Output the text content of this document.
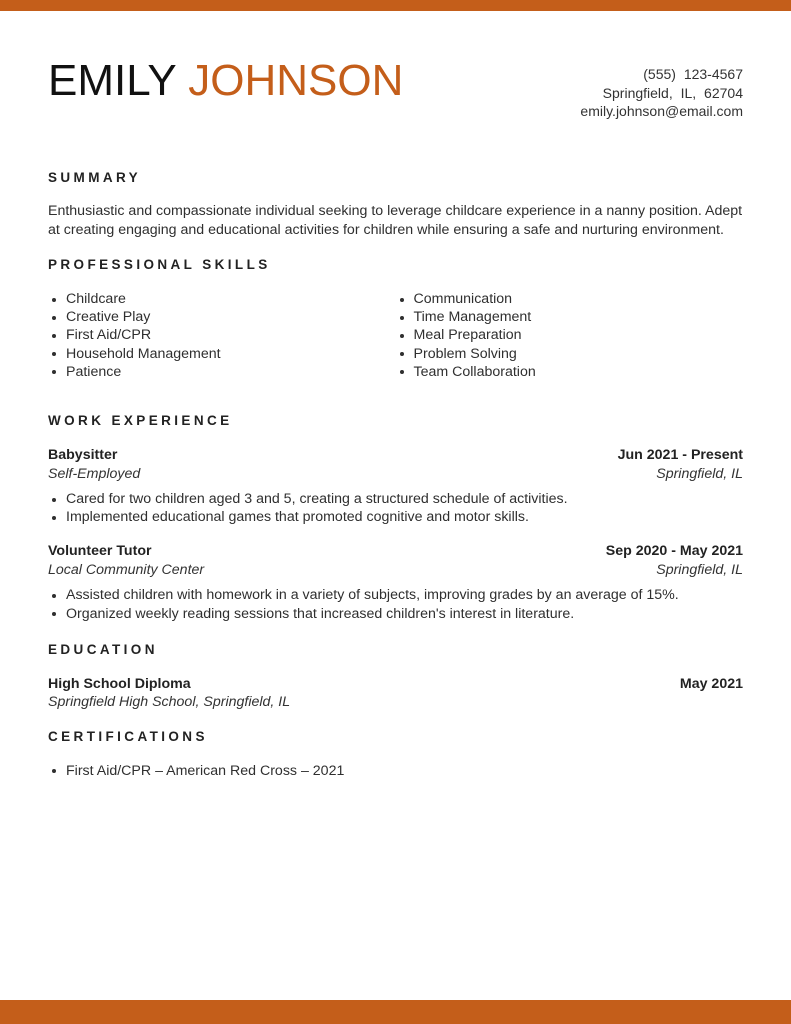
EMILY JOHNSON	(555) 123-4567
Springfield, IL, 62704
emily.johnson@email.com
SUMMARY

Enthusiastic and compassionate individual seeking to leverage childcare experience in a nanny position. Adept at creating engaging and educational activities for children while ensuring a safe and nurturing environment.

PROFESSIONAL SKILLS
Childcare
Creative Play
First Aid/CPR
Household Management
Patience
Communication
Time Management
Meal Preparation
Problem Solving
Team Collaboration
WORK EXPERIENCE
Babysitter	Jun 2021 - Present
Self-Employed	Springfield, IL
Cared for two children aged 3 and 5, creating a structured schedule of activities.
Implemented educational games that promoted cognitive and motor skills.
Volunteer Tutor	Sep 2020 - May 2021
Local Community Center	Springfield, IL
Assisted children with homework in a variety of subjects, improving grades by an average of 15%.
Organized weekly reading sessions that increased children's interest in literature.
EDUCATION
High School Diploma	May 2021
Springfield High School, Springfield, IL
CERTIFICATIONS
First Aid/CPR – American Red Cross – 2021
